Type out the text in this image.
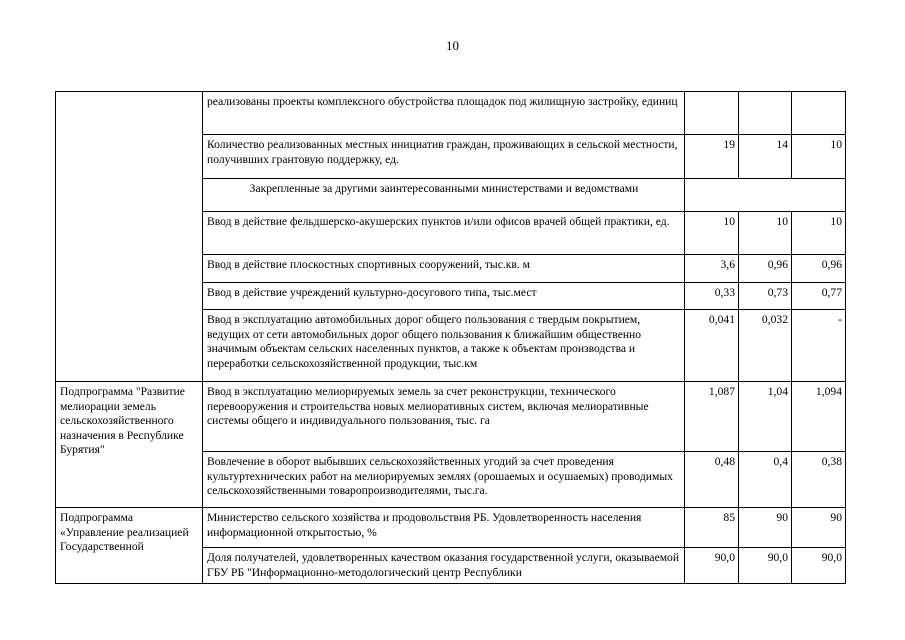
10
	реализованы проекты комплексного обустройства площадок под жилищную застройку, единиц			
	Количество реализованных местных инициатив граждан, проживающих в сельской местности, получивших грантовую поддержку, ед.	19	14	10
	Закрепленные за другими заинтересованными министерствами и ведомствами			
	Ввод в действие фельдшерско-акушерских пунктов и/или офисов врачей общей практики, ед.	10	10	10
	Ввод в действие плоскостных спортивных сооружений, тыс.кв. м	3,6	0,96	0,96
	Ввод в действие учреждений культурно-досугового типа, тыс.мест	0,33	0,73	0,77
	Ввод в эксплуатацию автомобильных дорог общего пользования с твердым покрытием, ведущих от сети автомобильных дорог общего пользования к ближайшим общественно значимым объектам сельских населенных пунктов, а также к объектам производства и переработки сельскохозяйственной продукции, тыс.км	0,041	0,032	-
Подпрограмма "Развитие мелиорации земель сельскохозяйственного назначения в Республике Бурятия"	Ввод в эксплуатацию мелиорируемых земель за счет реконструкции, технического перевооружения и строительства новых мелиоративных систем, включая мелиоративные системы общего и индивидуального пользования, тыс. га	1,087	1,04	1,094
	Вовлечение в оборот выбывших сельскохозяйственных угодий за счет проведения культуртехнических работ на мелиорируемых землях (орошаемых и осушаемых) проводимых сельскохозяйственными товаропроизводителями, тыс.га.	0,48	0,4	0,38
Подпрограмма «Управление реализацией Государственной	Министерство сельского хозяйства и продовольствия РБ. Удовлетворенность населения информационной открытостью, %	85	90	90
	Доля получателей, удовлетворенных качеством оказания государственной услуги, оказываемой ГБУ РБ "Информационно-методологический центр Республики	90,0	90,0	90,0
